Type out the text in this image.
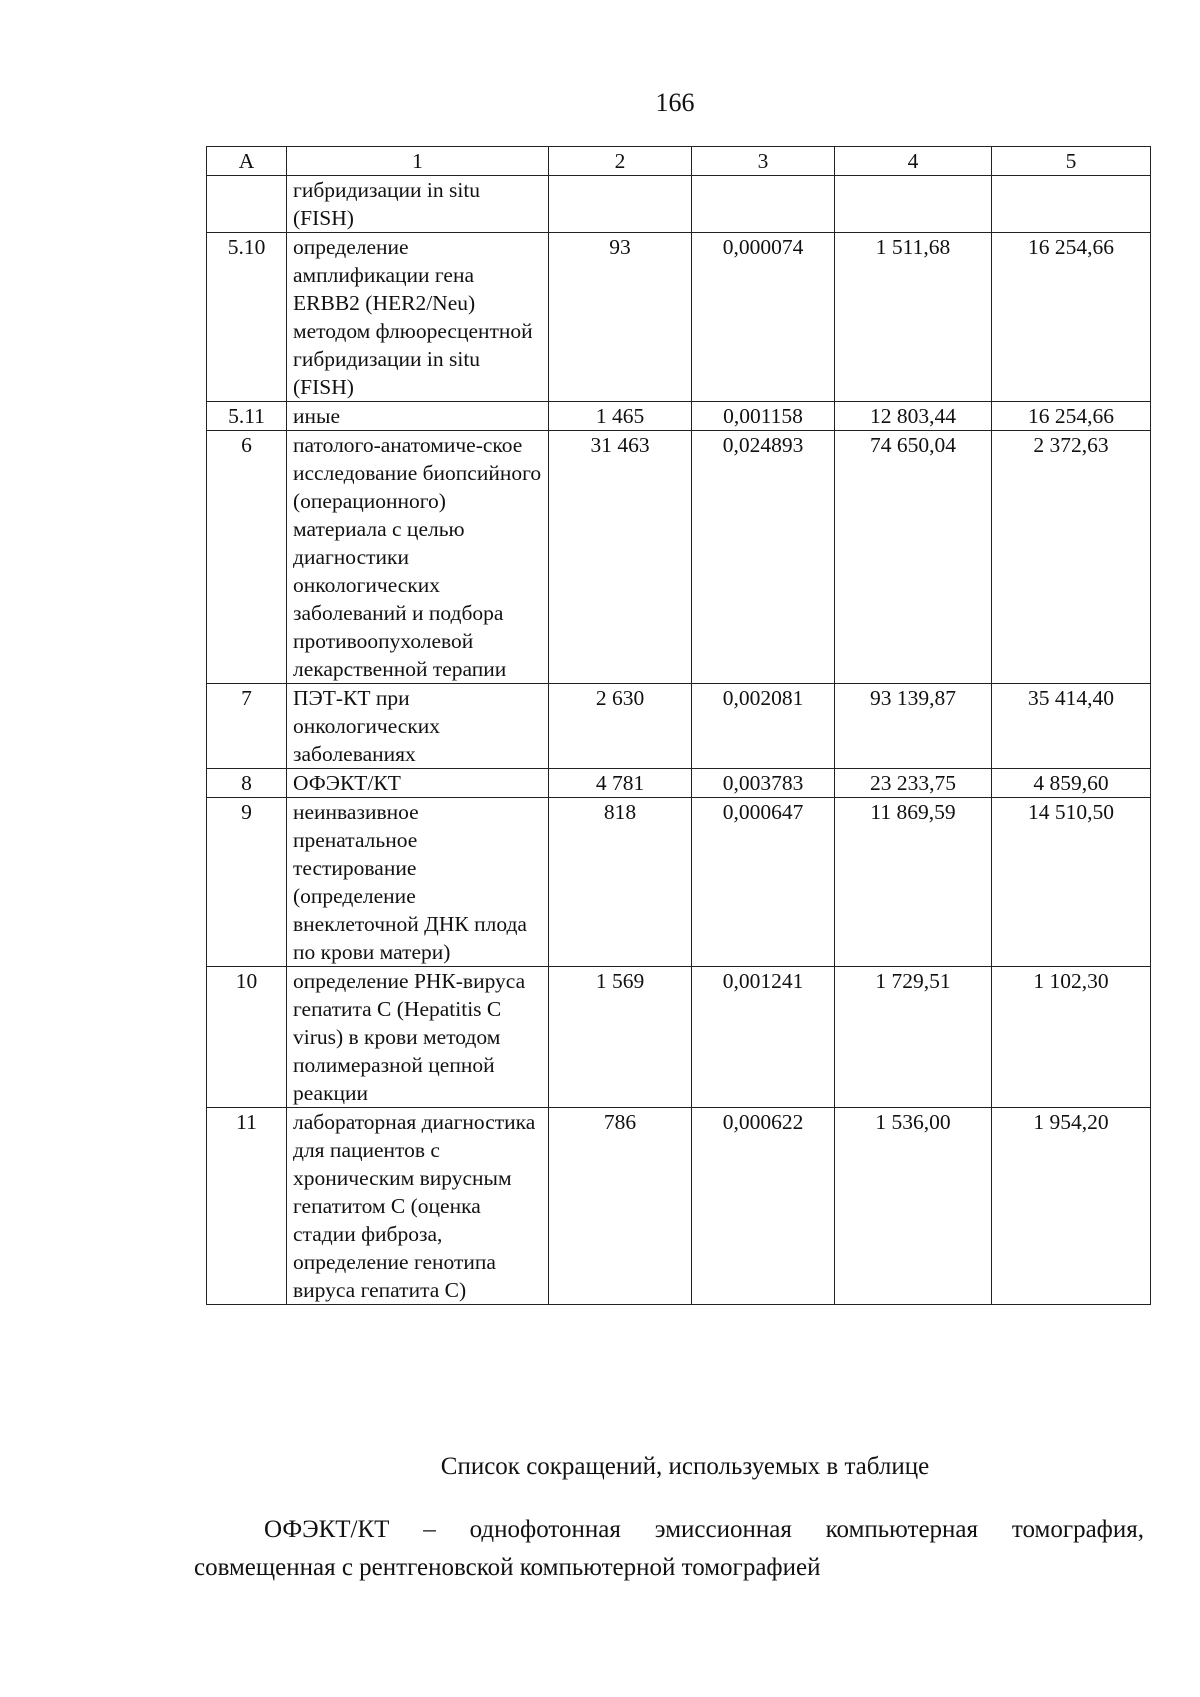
166
А	1	2	3	4	5
	гибридизации in situ (FISH)				
5.10	определение амплификации гена ERBB2 (HER2/Neu) методом флюоресцентной гибридизации in situ (FISH)	93	0,000074	1 511,68	16 254,66
5.11	иные	1 465	0,001158	12 803,44	16 254,66
6	патолого-анатомиче-ское исследование биопсийного (операционного) материала с целью диагностики онкологических заболеваний и подбора противоопухолевой лекарственной терапии	31 463	0,024893	74 650,04	2 372,63
7	ПЭТ-КТ при онкологических заболеваниях	2 630	0,002081	93 139,87	35 414,40
8	ОФЭКТ/КТ	4 781	0,003783	23 233,75	4 859,60
9	неинвазивное пренатальное тестирование (определение внеклеточной ДНК плода по крови матери)	818	0,000647	11 869,59	14 510,50
10	определение РНК-вируса гепатита С (Hepatitis C virus) в крови методом полимеразной цепной реакции	1 569	0,001241	1 729,51	1 102,30
11	лабораторная диагностика для пациентов с хроническим вирусным гепатитом С (оценка стадии фиброза, определение генотипа вируса гепатита С)	786	0,000622	1 536,00	1 954,20
Список сокращений, используемых в таблице
ОФЭКТ/КТ – однофотонная эмиссионная компьютерная томография, совмещенная с рентгеновской компьютерной томографией
